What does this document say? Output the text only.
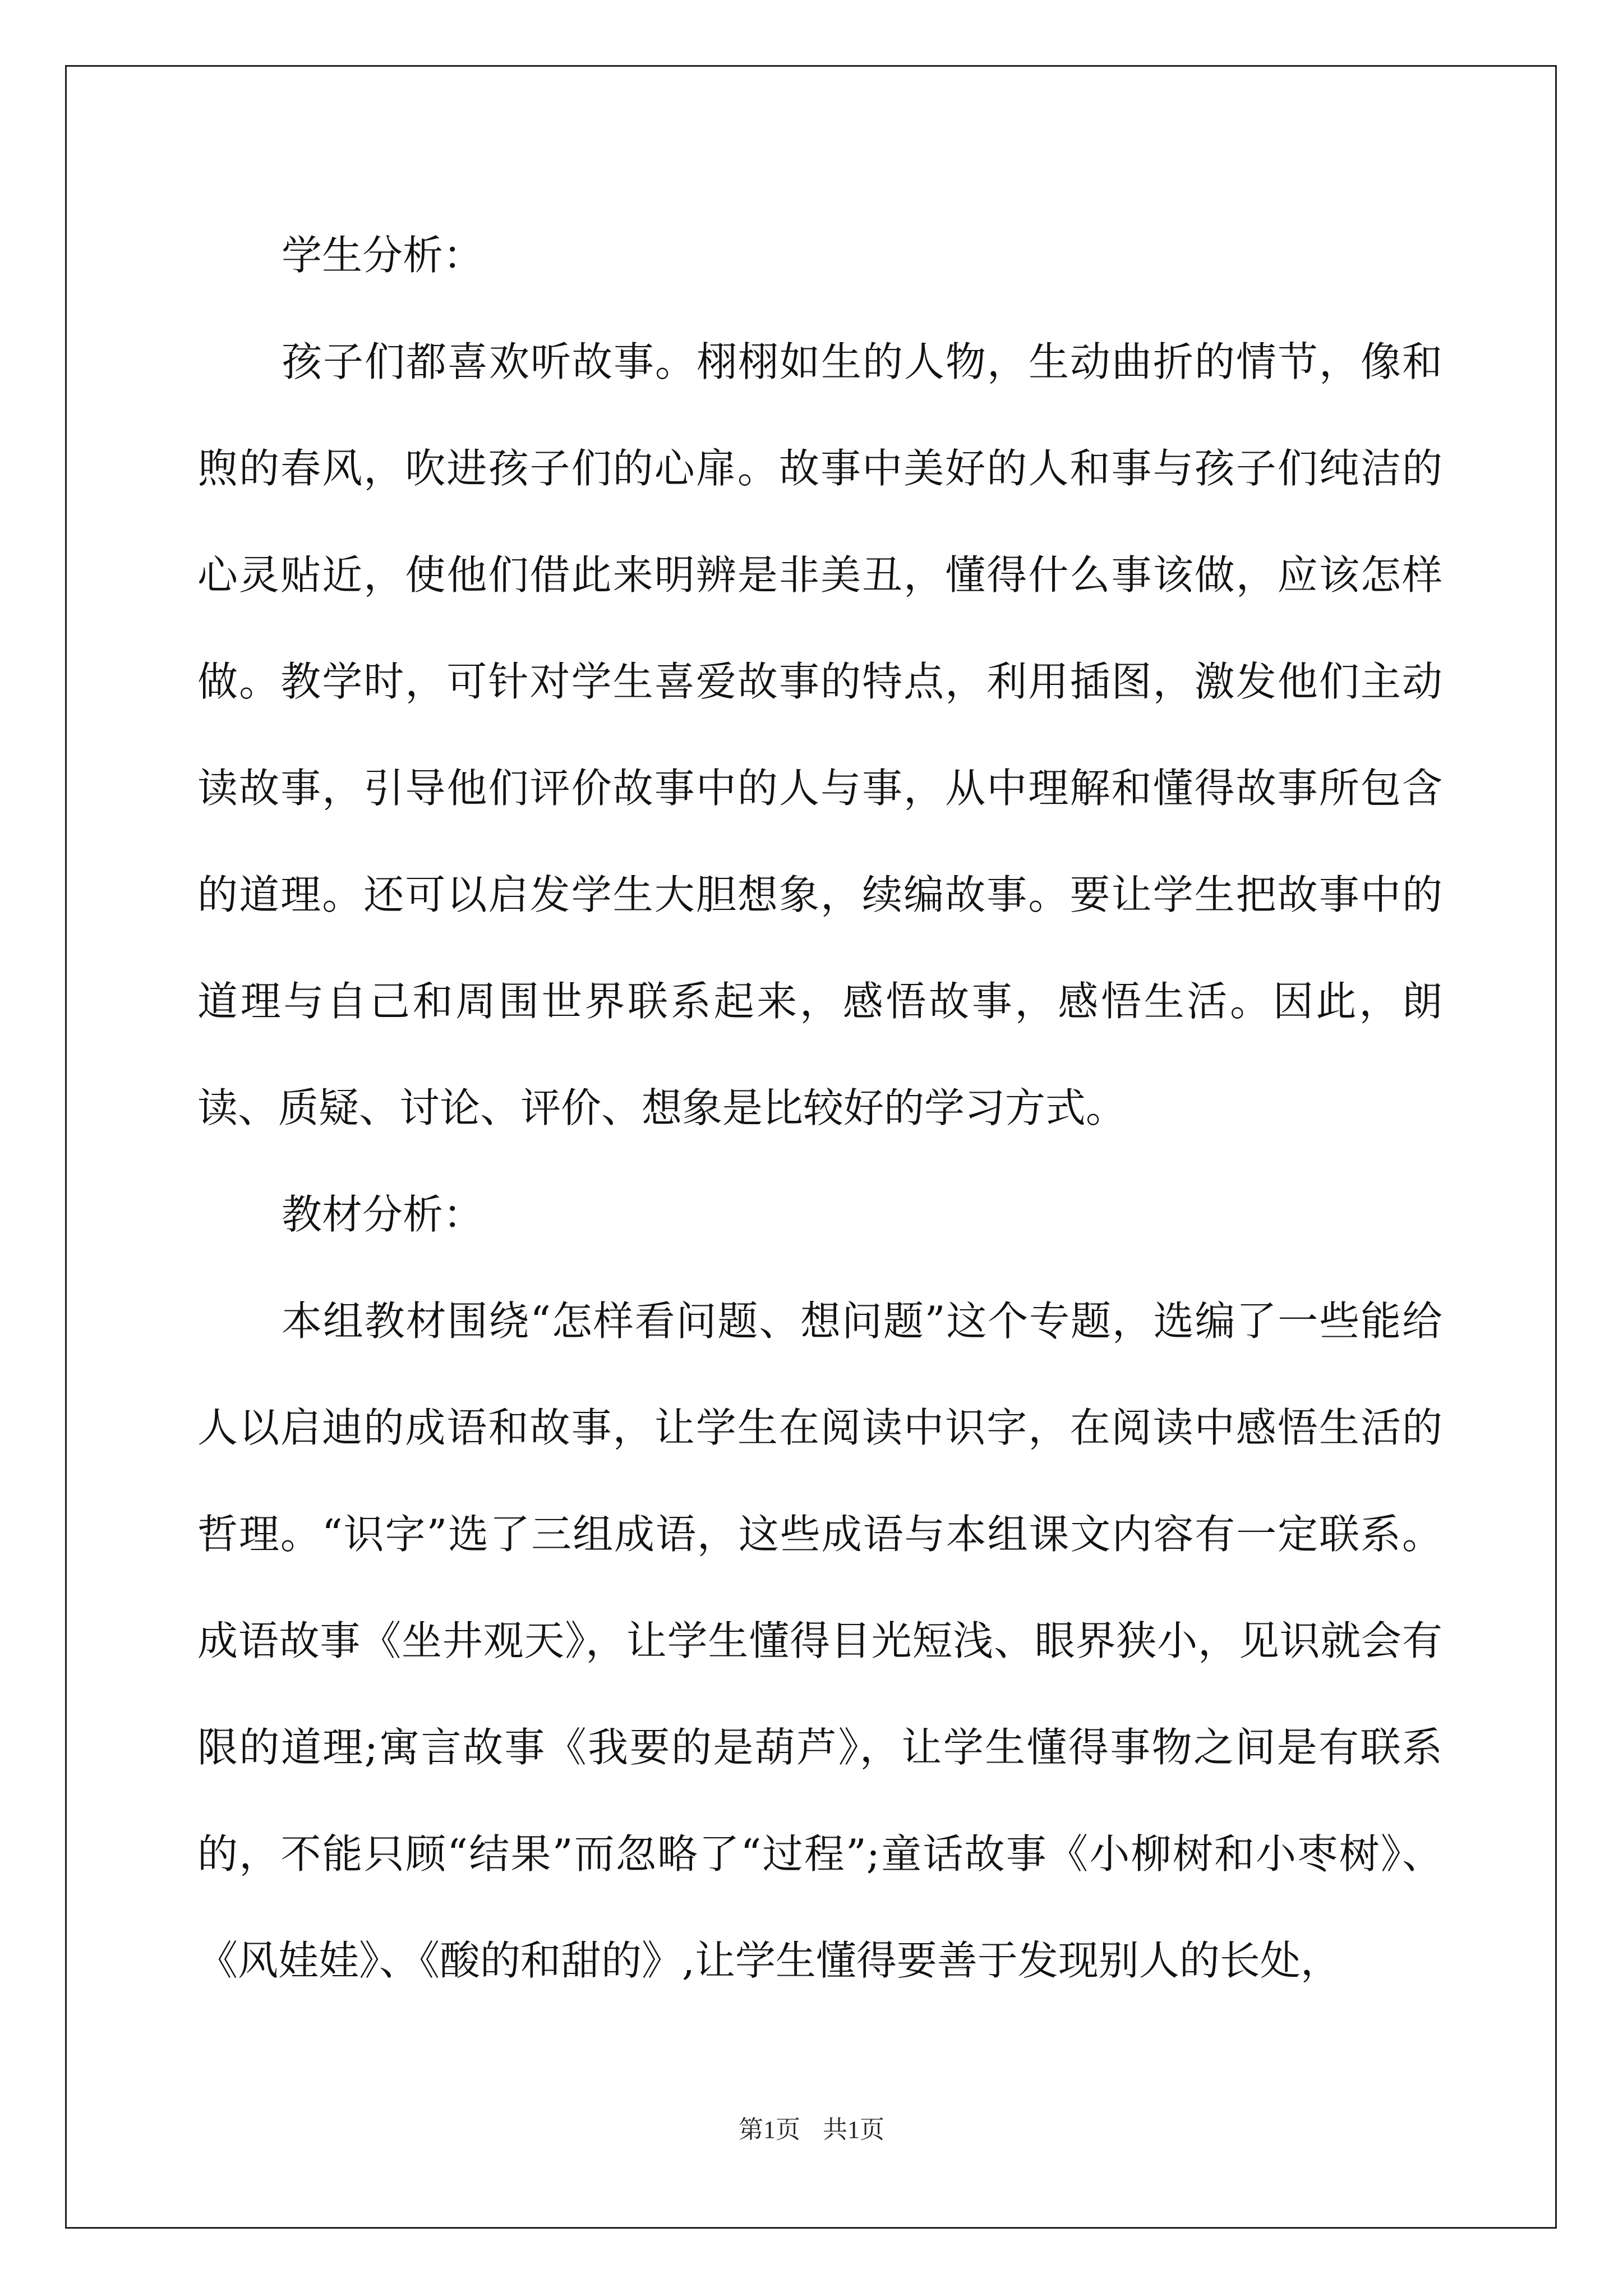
学生分析：

孩子们都喜欢听故事。栩栩如生的人物，生动曲折的情节，像和煦的春风，吹进孩子们的心扉。故事中美好的人和事与孩子们纯洁的心灵贴近，使他们借此来明辨是非美丑，懂得什么事该做，应该怎样做。教学时，可针对学生喜爱故事的特点，利用插图，激发他们主动读故事，引导他们评价故事中的人与事，从中理解和懂得故事所包含的道理。还可以启发学生大胆想象，续编故事。要让学生把故事中的道理与自己和周围世界联系起来，感悟故事，感悟生活。因此，朗读、质疑、讨论、评价、想象是比较好的学习方式。

教材分析：

本组教材围绕“怎样看问题、想问题”这个专题，选编了一些能给人以启迪的成语和故事，让学生在阅读中识字，在阅读中感悟生活的哲理。“识字”选了三组成语，这些成语与本组课文内容有一定联系。成语故事《坐井观天》，让学生懂得目光短浅、眼界狭小，见识就会有限的道理;寓言故事《我要的是葫芦》，让学生懂得事物之间是有联系的，不能只顾“结果”而忽略了“过程”;童话故事《小柳树和小枣树》、《风娃娃》、《酸的和甜的》,让学生懂得要善于发现别人的长处，

第1页 共1页
